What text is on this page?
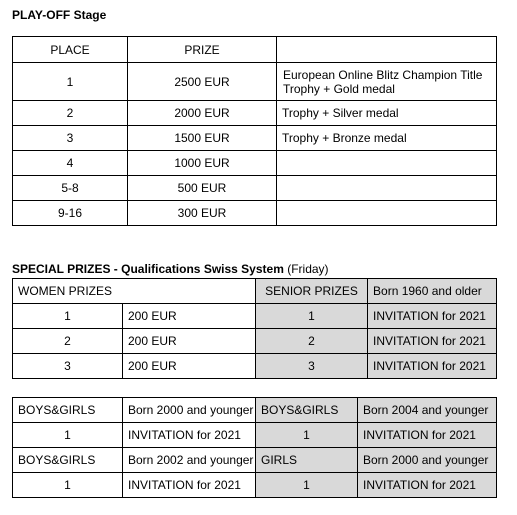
PLAY-OFF Stage
PLACE	PRIZE	
1	2500 EUR	European Online Blitz Champion Title
Trophy + Gold medal
2	2000 EUR	Trophy + Silver medal
3	1500 EUR	Trophy + Bronze medal
4	1000 EUR	
5-8	500 EUR	
9-16	300 EUR	
SPECIAL PRIZES - Qualifications Swiss System (Friday)
WOMEN PRIZES		SENIOR PRIZES	Born 1960 and older
1	200 EUR	1	INVITATION for 2021
2	200 EUR	2	INVITATION for 2021
3	200 EUR	3	INVITATION for 2021
BOYS&GIRLS	Born 2000 and younger	BOYS&GIRLS	Born 2004 and younger
1	INVITATION for 2021	1	INVITATION for 2021
BOYS&GIRLS	Born 2002 and younger	GIRLS	Born 2000 and younger
1	INVITATION for 2021	1	INVITATION for 2021
